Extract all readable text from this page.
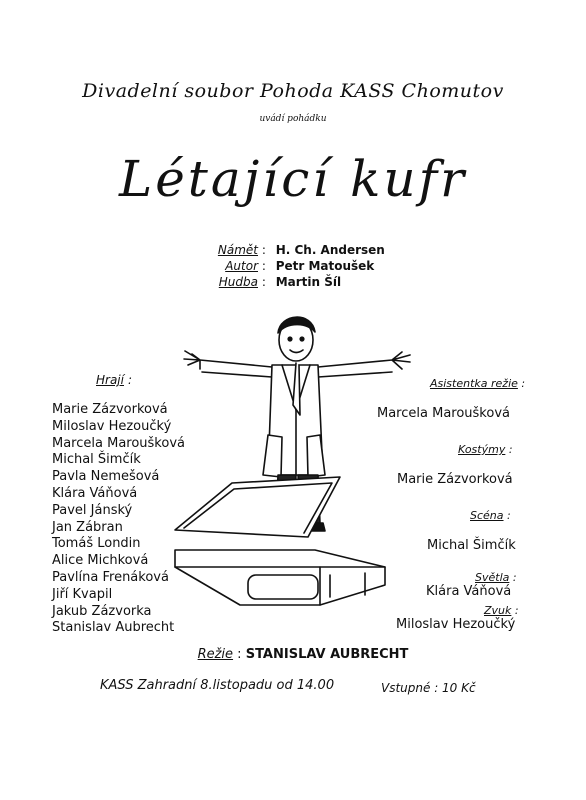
Divadelní soubor Pohoda KASS Chomutov
uvádí pohádku
Létající kufr
Námět : H. Ch. Andersen
Autor : Petr Matoušek
Hudba : Martin Šíl
Hrají :
Marie Zázvorková
Miloslav Hezoučký
Marcela Maroušková
Michal Šimčík
Pavla Nemešová
Klára Váňová
Pavel Jánský
Jan Zábran
Tomáš Londin
Alice Michková
Pavlína Frenáková
Jiří Kvapil
Jakub Zázvorka
Stanislav Aubrecht
Asistentka režie :
Marcela Maroušková
Kostýmy :
Marie Zázvorková
Scéna :
Michal Šimčík
Světla :
Klára Váňová
Zvuk :
Miloslav Hezoučký
Režie : STANISLAV AUBRECHT
KASS Zahradní 8.listopadu od 14.00	Vstupné : 10 Kč
